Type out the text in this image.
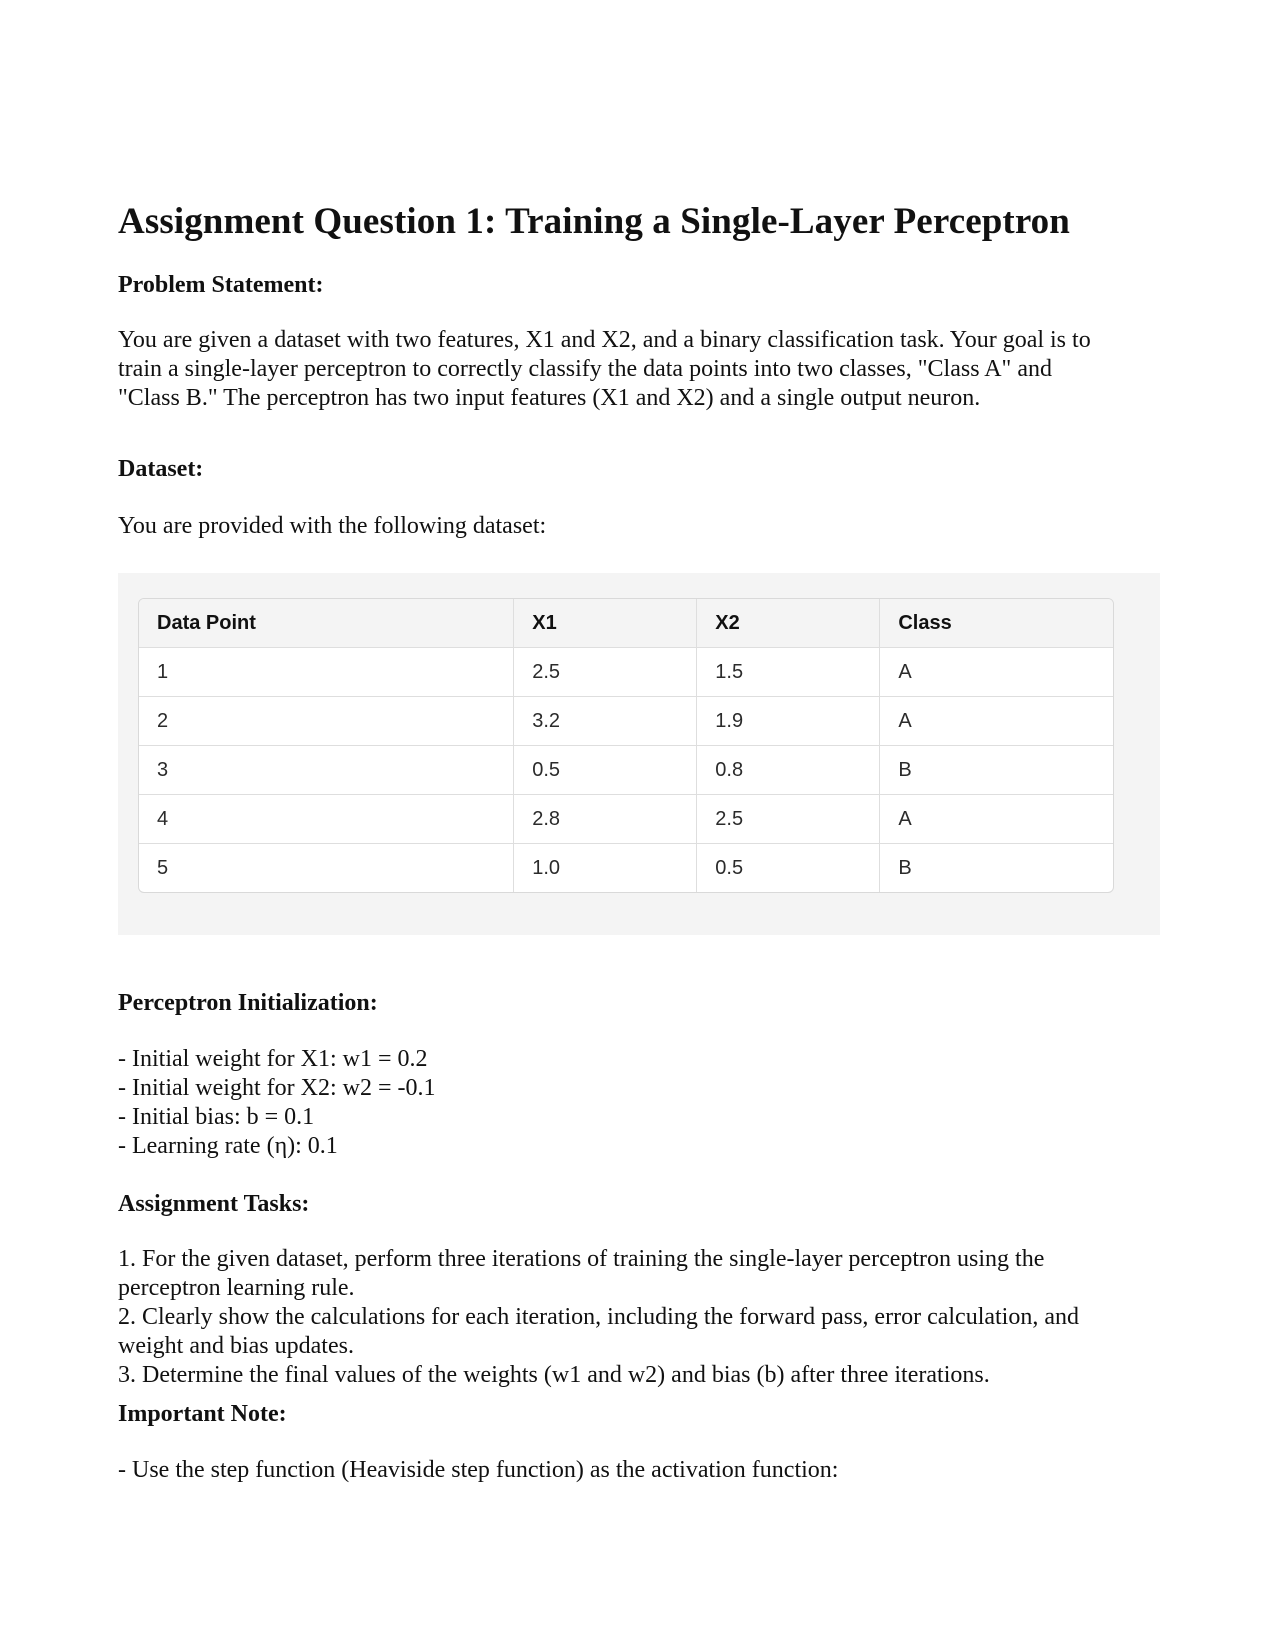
Assignment Question 1: Training a Single-Layer Perceptron
Problem Statement:

You are given a dataset with two features, X1 and X2, and a binary classification task. Your goal is to
train a single-layer perceptron to correctly classify the data points into two classes, "Class A" and
"Class B." The perceptron has two input features (X1 and X2) and a single output neuron.

Dataset:

You are provided with the following dataset:

Data Point	X1	X2	Class
1	2.5	1.5	A
2	3.2	1.9	A
3	0.5	0.8	B
4	2.8	2.5	A
5	1.0	0.5	B
Perceptron Initialization:

- Initial weight for X1: w1 = 0.2
- Initial weight for X2: w2 = -0.1
- Initial bias: b = 0.1
- Learning rate (η): 0.1

Assignment Tasks:

1. For the given dataset, perform three iterations of training the single-layer perceptron using the
perceptron learning rule.
2. Clearly show the calculations for each iteration, including the forward pass, error calculation, and
weight and bias updates.
3. Determine the final values of the weights (w1 and w2) and bias (b) after three iterations.

Important Note:

- Use the step function (Heaviside step function) as the activation function:
